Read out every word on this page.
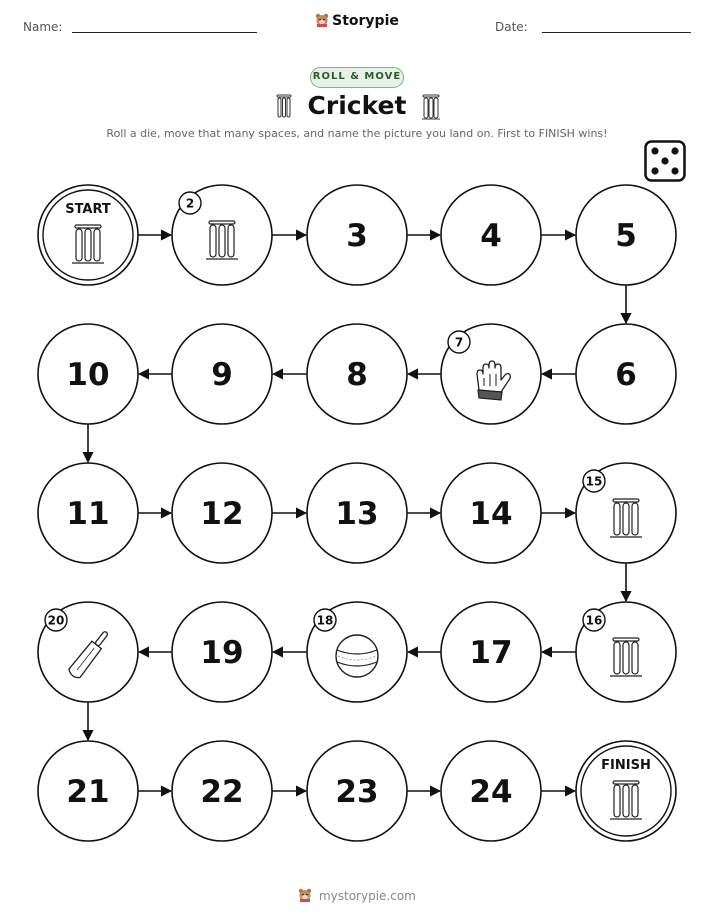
Name:	Storypie	Date:
ROLL & MOVE
Cricket
Roll a die, move that many spaces, and name the picture you land on. First to FINISH wins!
START	2
3	4	5
6
7
8
9
10
11	12	13	14
15
16
17
18
19
20
21	22	23	24
FINISH
mystorypie.com
